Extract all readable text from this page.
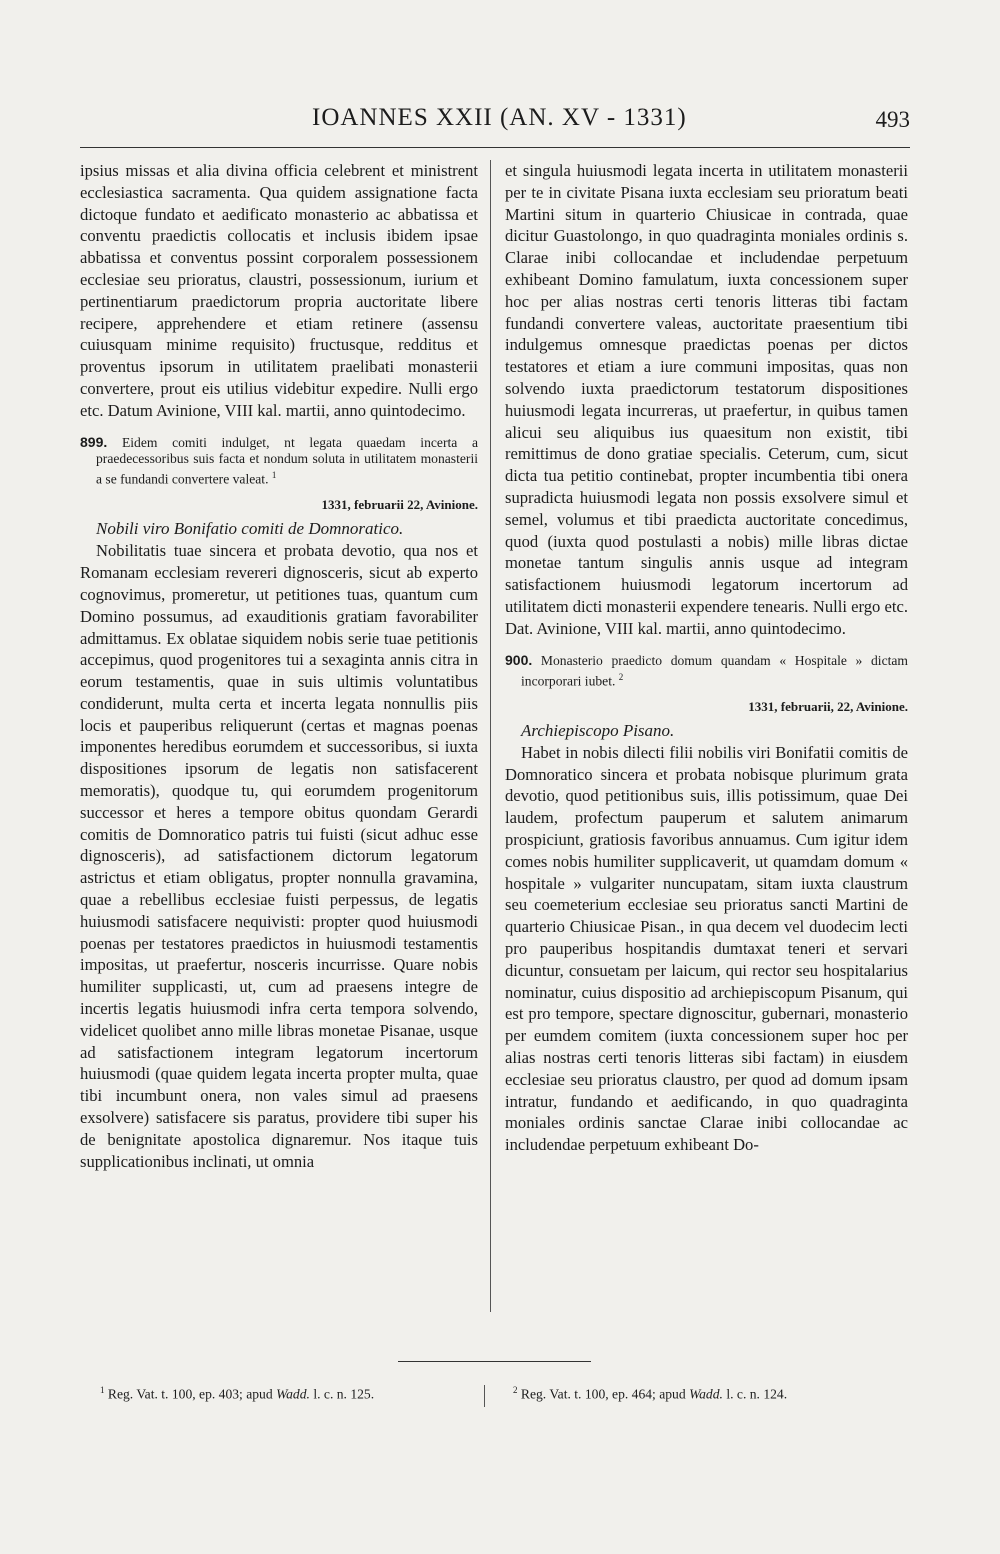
IOANNES XXII (AN. XV - 1331)	493

ipsius missas et alia divina officia celebrent et ministrent ecclesiastica sacramenta. Qua quidem assignatione facta dictoque fundato et aedificato monasterio ac abbatissa et conventu praedictis collocatis et inclusis ibidem ipsae abbatissa et conventus possint corporalem possessionem ecclesiae seu prioratus, claustri, possessionum, iurium et pertinentiarum praedictorum propria auctoritate libere recipere, apprehendere et etiam retinere (assensu cuiusquam minime requisito) fructusque, redditus et proventus ipsorum in utilitatem praelibati monasterii convertere, prout eis utilius videbitur expedire. Nulli ergo etc. Datum Avinione, VIII kal. martii, anno quintodecimo.

899. Eidem comiti indulget, nt legata quaedam incerta a praedecessoribus suis facta et nondum soluta in utilitatem monasterii a se fundandi convertere valeat. $^1$
1331, februarii 22, Avinione.
Nobili viro Bonifatio comiti de Domnoratico.

Nobilitatis tuae sincera et probata devotio, qua nos et Romanam ecclesiam revereri dignosceris, sicut ab experto cognovimus, promeretur, ut petitiones tuas, quantum cum Domino possumus, ad exauditionis gratiam favorabiliter admittamus. Ex oblatae siquidem nobis serie tuae petitionis accepimus, quod progenitores tui a sexaginta annis citra in eorum testamentis, quae in suis ultimis voluntatibus condiderunt, multa certa et incerta legata nonnullis piis locis et pauperibus reliquerunt (certas et magnas poenas imponentes heredibus eorumdem et successoribus, si iuxta dispositiones ipsorum de legatis non satisfacerent memoratis), quodque tu, qui eorumdem progenitorum successor et heres a tempore obitus quondam Gerardi comitis de Domnoratico patris tui fuisti (sicut adhuc esse dignosceris), ad satisfactionem dictorum legatorum astrictus et etiam obligatus, propter nonnulla gravamina, quae a rebellibus ecclesiae fuisti perpessus, de legatis huiusmodi satisfacere nequivisti: propter quod huiusmodi poenas per testatores praedictos in huiusmodi testamentis impositas, ut praefertur, nosceris incurrisse. Quare nobis humiliter supplicasti, ut, cum ad praesens integre de incertis legatis huiusmodi infra certa tempora solvendo, videlicet quolibet anno mille libras monetae Pisanae, usque ad satisfactionem integram legatorum incertorum huiusmodi (quae quidem legata incerta propter multa, quae tibi incumbunt onera, non vales simul ad praesens exsolvere) satisfacere sis paratus, providere tibi super his de benignitate apostolica dignaremur. Nos itaque tuis supplicationibus inclinati, ut omnia

et singula huiusmodi legata incerta in utilitatem monasterii per te in civitate Pisana iuxta ecclesiam seu prioratum beati Martini situm in quarterio Chiusicae in contrada, quae dicitur Guastolongo, in quo quadraginta moniales ordinis s. Clarae inibi collocandae et includendae perpetuum exhibeant Domino famulatum, iuxta concessionem super hoc per alias nostras certi tenoris litteras tibi factam fundandi convertere valeas, auctoritate praesentium tibi indulgemus omnesque praedictas poenas per dictos testatores et etiam a iure communi impositas, quas non solvendo iuxta praedictorum testatorum dispositiones huiusmodi legata incurreras, ut praefertur, in quibus tamen alicui seu aliquibus ius quaesitum non existit, tibi remittimus de dono gratiae specialis. Ceterum, cum, sicut dicta tua petitio continebat, propter incumbentia tibi onera supradicta huiusmodi legata non possis exsolvere simul et semel, volumus et tibi praedicta auctoritate concedimus, quod (iuxta quod postulasti a nobis) mille libras dictae monetae tantum singulis annis usque ad integram satisfactionem huiusmodi legatorum incertorum ad utilitatem dicti monasterii expendere tenearis. Nulli ergo etc. Dat. Avinione, VIII kal. martii, anno quintodecimo.

900. Monasterio praedicto domum quandam « Hospitale » dictam incorporari iubet. $^2$
1331, februarii, 22, Avinione.
Archiepiscopo Pisano.

Habet in nobis dilecti filii nobilis viri Bonifatii comitis de Domnoratico sincera et probata nobisque plurimum grata devotio, quod petitionibus suis, illis potissimum, quae Dei laudem, profectum pauperum et salutem animarum prospiciunt, gratiosis favoribus annuamus. Cum igitur idem comes nobis humiliter supplicaverit, ut quamdam domum « hospitale » vulgariter nuncupatam, sitam iuxta claustrum seu coemeterium ecclesiae seu prioratus sancti Martini de quarterio Chiusicae Pisan., in qua decem vel duodecim lecti pro pauperibus hospitandis dumtaxat teneri et servari dicuntur, consuetam per laicum, qui rector seu hospitalarius nominatur, cuius dispositio ad archiepiscopum Pisanum, qui est pro tempore, spectare dignoscitur, gubernari, monasterio per eumdem comitem (iuxta concessionem super hoc per alias nostras certi tenoris litteras sibi factam) in eiusdem ecclesiae seu prioratus claustro, per quod ad domum ipsam intratur, fundando et aedificando, in quo quadraginta moniales ordinis sanctae Clarae inibi collocandae ac includendae perpetuum exhibeant Do-

$^1$ Reg. Vat. t. 100, ep. 403; apud Wadd. l. c. n. 125.	$^2$ Reg. Vat. t. 100, ep. 464; apud Wadd. l. c. n. 124.
